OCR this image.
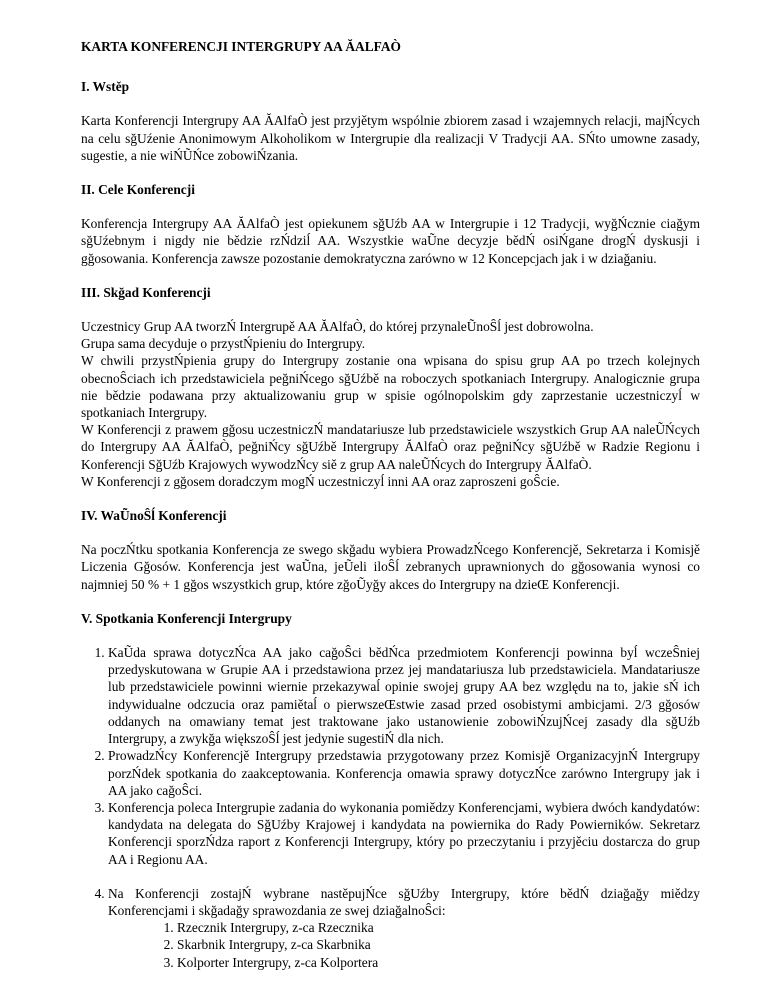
KARTA KONFERENCJI INTERGRUPY AA ĂALFAÒ
I. Wstěp

Karta Konferencji Intergrupy AA ĂAlfaÒ jest przyjětym wspólnie zbiorem zasad i wzajemnych relacji, majŃcych na celu sğUźenie Anonimowym Alkoholikom w Intergrupie dla realizacji V Tradycji AA. SŃto umowne zasady, sugestie, a nie wiŃŨŃce zobowiŃzania.

II. Cele Konferencji

Konferencja Intergrupy AA ĂAlfaÒ jest opiekunem sğUźb AA w Intergrupie i 12 Tradycji, wyğŃcznie ciağym sğUźebnym i nigdy nie bědzie rzŃdziĺ AA. Wszystkie waŨne decyzje bědŃ osiŃgane drogŃ dyskusji i gğosowania. Konferencja zawsze pozostanie demokratyczna zarówno w 12 Koncepcjach jak i w dziağaniu.

III. Skğad Konferencji

Uczestnicy Grup AA tworzŃ Intergrupě AA ĂAlfaÒ, do której przynaleŨnoŜĺ jest dobrowolna.

Grupa sama decyduje o przystŃpieniu do Intergrupy.

W chwili przystŃpienia grupy do Intergrupy zostanie ona wpisana do spisu grup AA po trzech kolejnych obecnoŜciach ich przedstawiciela peğniŃcego sğUźbě na roboczych spotkaniach Intergrupy. Analogicznie grupa nie bědzie podawana przy aktualizowaniu grup w spisie ogólnopolskim gdy zaprzestanie uczestniczyĺ w spotkaniach Intergrupy.

W Konferencji z prawem gğosu uczestniczŃ mandatariusze lub przedstawiciele wszystkich Grup AA naleŨŃcych do Intergrupy AA ĂAlfaÒ, peğniŃcy sğUźbě Intergrupy ĂAlfaÒ oraz peğniŃcy sğUźbě w Radzie Regionu i Konferencji SğUźb Krajowych wywodzŃcy siě z grup AA naleŨŃcych do Intergrupy ĂAlfaÒ.

W Konferencji z gğosem doradczym mogŃ uczestniczyĺ inni AA oraz zaproszeni goŜcie.

IV. WaŨnoŜĺ Konferencji

Na poczŃtku spotkania Konferencja ze swego skğadu wybiera ProwadzŃcego Konferencjě, Sekretarza i Komisjě Liczenia Gğosów. Konferencja jest waŨna, jeŨeli iloŜĺ zebranych uprawnionych do gğosowania wynosi co najmniej 50 % + 1 gğos wszystkich grup, które zğoŨyğy akces do Intergrupy na dzieŒ Konferencji.

V. Spotkania Konferencji Intergrupy
1. KaŨda sprawa dotyczŃca AA jako cağoŜci bědŃca przedmiotem Konferencji powinna byĺ wczeŜniej przedyskutowana w Grupie AA i przedstawiona przez jej mandatariusza lub przedstawiciela. Mandatariusze lub przedstawiciele powinni wiernie przekazywaĺ opinie swojej grupy AA bez względu na to, jakie sŃ ich indywidualne odczucia oraz pamiětaĺ o pierwszeŒstwie zasad przed osobistymi ambicjami. 2/3 gğosów oddanych na omawiany temat jest traktowane jako ustanowienie zobowiŃzujŃcej zasady dla sğUźb Intergrupy, a zwykğa większoŜĺ jest jedynie sugestiŃ dla nich.
2. ProwadzŃcy Konferencjě Intergrupy przedstawia przygotowany przez Komisjě OrganizacyjnŃ Intergrupy porzŃdek spotkania do zaakceptowania. Konferencja omawia sprawy dotyczŃce zarówno Intergrupy jak i AA jako cağoŜci.
3. Konferencja poleca Intergrupie zadania do wykonania pomiědzy Konferencjami, wybiera dwóch kandydatów: kandydata na delegata do SğUźby Krajowej i kandydata na powiernika do Rady Powierników. Sekretarz Konferencji sporzŃdza raport z Konferencji Intergrupy, który po przeczytaniu i przyjěciu dostarcza do grup AA i Regionu AA.
4. Na Konferencji zostajŃ wybrane nastěpujŃce sğUźby Intergrupy, które bědŃ dziağağy miědzy Konferencjami i skğadağy sprawozdania ze swej dziağalnoŜci:
1. Rzecznik Intergrupy, z-ca Rzecznika
2. Skarbnik Intergrupy, z-ca Skarbnika
3. Kolporter Intergrupy, z-ca Kolportera
